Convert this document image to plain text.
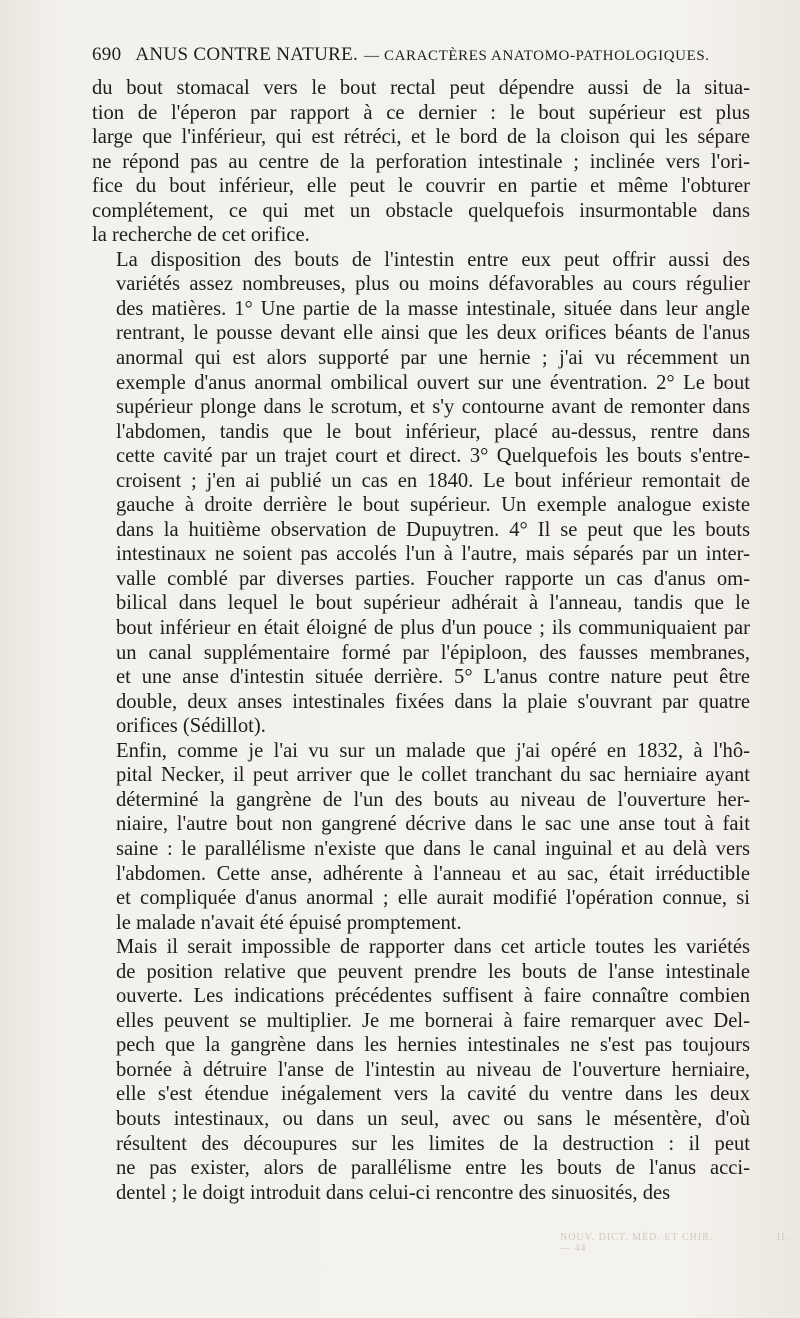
690 ANUS CONTRE NATURE. — CARACTÈRES ANATOMO-PATHOLOGIQUES.

du bout stomacal vers le bout rectal peut dépendre aussi de la situa-
tion de l'éperon par rapport à ce dernier : le bout supérieur est plus
large que l'inférieur, qui est rétréci, et le bord de la cloison qui les sépare
ne répond pas au centre de la perforation intestinale ; inclinée vers l'ori-
fice du bout inférieur, elle peut le couvrir en partie et même l'obturer
complétement, ce qui met un obstacle quelquefois insurmontable dans
la recherche de cet orifice.

La disposition des bouts de l'intestin entre eux peut offrir aussi des
variétés assez nombreuses, plus ou moins défavorables au cours régulier
des matières. 1° Une partie de la masse intestinale, située dans leur angle
rentrant, le pousse devant elle ainsi que les deux orifices béants de l'anus
anormal qui est alors supporté par une hernie ; j'ai vu récemment un
exemple d'anus anormal ombilical ouvert sur une éventration. 2° Le bout
supérieur plonge dans le scrotum, et s'y contourne avant de remonter dans
l'abdomen, tandis que le bout inférieur, placé au-dessus, rentre dans
cette cavité par un trajet court et direct. 3° Quelquefois les bouts s'entre-
croisent ; j'en ai publié un cas en 1840. Le bout inférieur remontait de
gauche à droite derrière le bout supérieur. Un exemple analogue existe
dans la huitième observation de Dupuytren. 4° Il se peut que les bouts
intestinaux ne soient pas accolés l'un à l'autre, mais séparés par un inter-
valle comblé par diverses parties. Foucher rapporte un cas d'anus om-
bilical dans lequel le bout supérieur adhérait à l'anneau, tandis que le
bout inférieur en était éloigné de plus d'un pouce ; ils communiquaient par
un canal supplémentaire formé par l'épiploon, des fausses membranes,
et une anse d'intestin située derrière. 5° L'anus contre nature peut être
double, deux anses intestinales fixées dans la plaie s'ouvrant par quatre
orifices (Sédillot).

Enfin, comme je l'ai vu sur un malade que j'ai opéré en 1832, à l'hô-
pital Necker, il peut arriver que le collet tranchant du sac herniaire ayant
déterminé la gangrène de l'un des bouts au niveau de l'ouverture her-
niaire, l'autre bout non gangrené décrive dans le sac une anse tout à fait
saine : le parallélisme n'existe que dans le canal inguinal et au delà vers
l'abdomen. Cette anse, adhérente à l'anneau et au sac, était irréductible
et compliquée d'anus anormal ; elle aurait modifié l'opération connue, si
le malade n'avait été épuisé promptement.

Mais il serait impossible de rapporter dans cet article toutes les variétés
de position relative que peuvent prendre les bouts de l'anse intestinale
ouverte. Les indications précédentes suffisent à faire connaître combien
elles peuvent se multiplier. Je me bornerai à faire remarquer avec Del-
pech que la gangrène dans les hernies intestinales ne s'est pas toujours
bornée à détruire l'anse de l'intestin au niveau de l'ouverture herniaire,
elle s'est étendue inégalement vers la cavité du ventre dans les deux
bouts intestinaux, ou dans un seul, avec ou sans le mésentère, d'où
résultent des découpures sur les limites de la destruction : il peut
ne pas exister, alors de parallélisme entre les bouts de l'anus acci-
dentel ; le doigt introduit dans celui-ci rencontre des sinuosités, des

NOUV. DICT. MÉD. ET CHIR.	II. — 44
